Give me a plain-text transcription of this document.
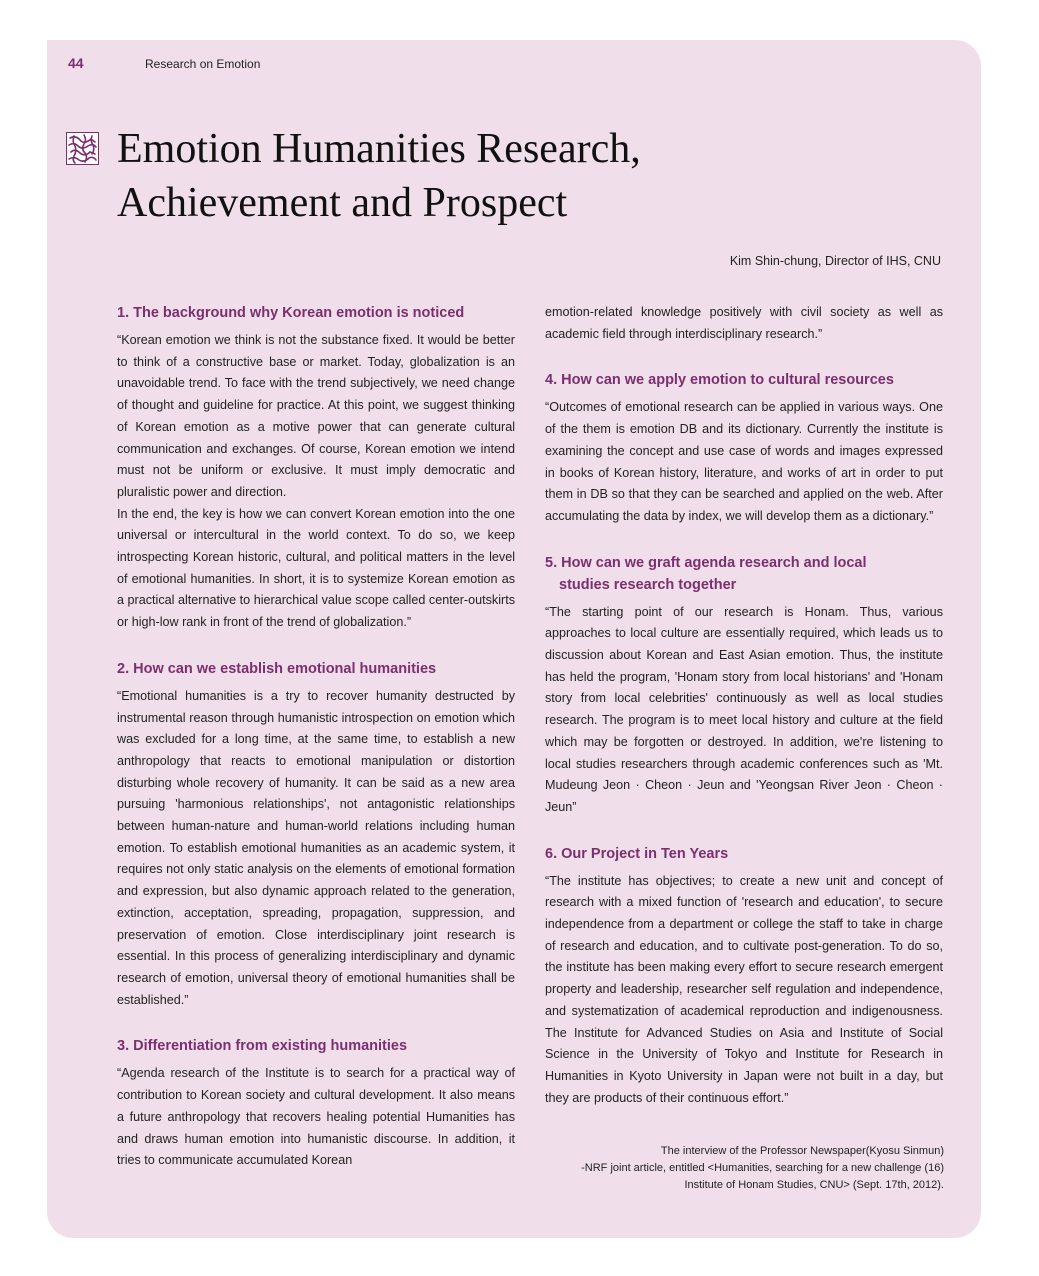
44	Research on Emotion
Emotion Humanities Research,
Achievement and Prospect
Kim Shin-chung, Director of IHS, CNU
1. The background why Korean emotion is noticed

“Korean emotion we think is not the substance fixed. It would be better to think of a constructive base or market. Today, globalization is an unavoidable trend. To face with the trend subjectively, we need change of thought and guideline for practice. At this point, we suggest thinking of Korean emotion as a motive power that can generate cultural communication and exchanges. Of course, Korean emotion we intend must not be uniform or exclusive. It must imply democratic and pluralistic power and direction.

In the end, the key is how we can convert Korean emotion into the one universal or intercultural in the world context. To do so, we keep introspecting Korean historic, cultural, and political matters in the level of emotional humanities. In short, it is to systemize Korean emotion as a practical alternative to hierarchical value scope called center-outskirts or high-low rank in front of the trend of globalization.”

2. How can we establish emotional humanities

“Emotional humanities is a try to recover humanity destructed by instrumental reason through humanistic introspection on emotion which was excluded for a long time, at the same time, to establish a new anthropology that reacts to emotional manipulation or distortion disturbing whole recovery of humanity. It can be said as a new area pursuing 'harmonious relationships', not antagonistic relationships between human-nature and human-world relations including human emotion. To establish emotional humanities as an academic system, it requires not only static analysis on the elements of emotional formation and expression, but also dynamic approach related to the generation, extinction, acceptation, spreading, propagation, suppression, and preservation of emotion. Close interdisciplinary joint research is essential. In this process of generalizing interdisciplinary and dynamic research of emotion, universal theory of emotional humanities shall be established.”

3. Differentiation from existing humanities

“Agenda research of the Institute is to search for a practical way of contribution to Korean society and cultural development. It also means a future anthropology that recovers healing potential Humanities has and draws human emotion into humanistic discourse. In addition, it tries to communicate accumulated Korean

emotion-related knowledge positively with civil society as well as academic field through interdisciplinary research.”

4. How can we apply emotion to cultural resources

“Outcomes of emotional research can be applied in various ways. One of the them is emotion DB and its dictionary. Currently the institute is examining the concept and use case of words and images expressed in books of Korean history, literature, and works of art in order to put them in DB so that they can be searched and applied on the web. After accumulating the data by index, we will develop them as a dictionary.”

5. How can we graft agenda research and local
studies research together

“The starting point of our research is Honam. Thus, various approaches to local culture are essentially required, which leads us to discussion about Korean and East Asian emotion. Thus, the institute has held the program, 'Honam story from local historians' and 'Honam story from local celebrities' continuously as well as local studies research. The program is to meet local history and culture at the field which may be forgotten or destroyed. In addition, we're listening to local studies researchers through academic conferences such as 'Mt. Mudeung Jeon · Cheon · Jeun and 'Yeongsan River Jeon · Cheon · Jeun”

6. Our Project in Ten Years

“The institute has objectives; to create a new unit and concept of research with a mixed function of 'research and education', to secure independence from a department or college the staff to take in charge of research and education, and to cultivate post-generation. To do so, the institute has been making every effort to secure research emergent property and leadership, researcher self regulation and independence, and systematization of academical reproduction and indigenousness. The Institute for Advanced Studies on Asia and Institute of Social Science in the University of Tokyo and Institute for Research in Humanities in Kyoto University in Japan were not built in a day, but they are products of their continuous effort.”

The interview of the Professor Newspaper(Kyosu Sinmun)
-NRF joint article, entitled <Humanities, searching for a new challenge (16)
Institute of Honam Studies, CNU> (Sept. 17th, 2012).
